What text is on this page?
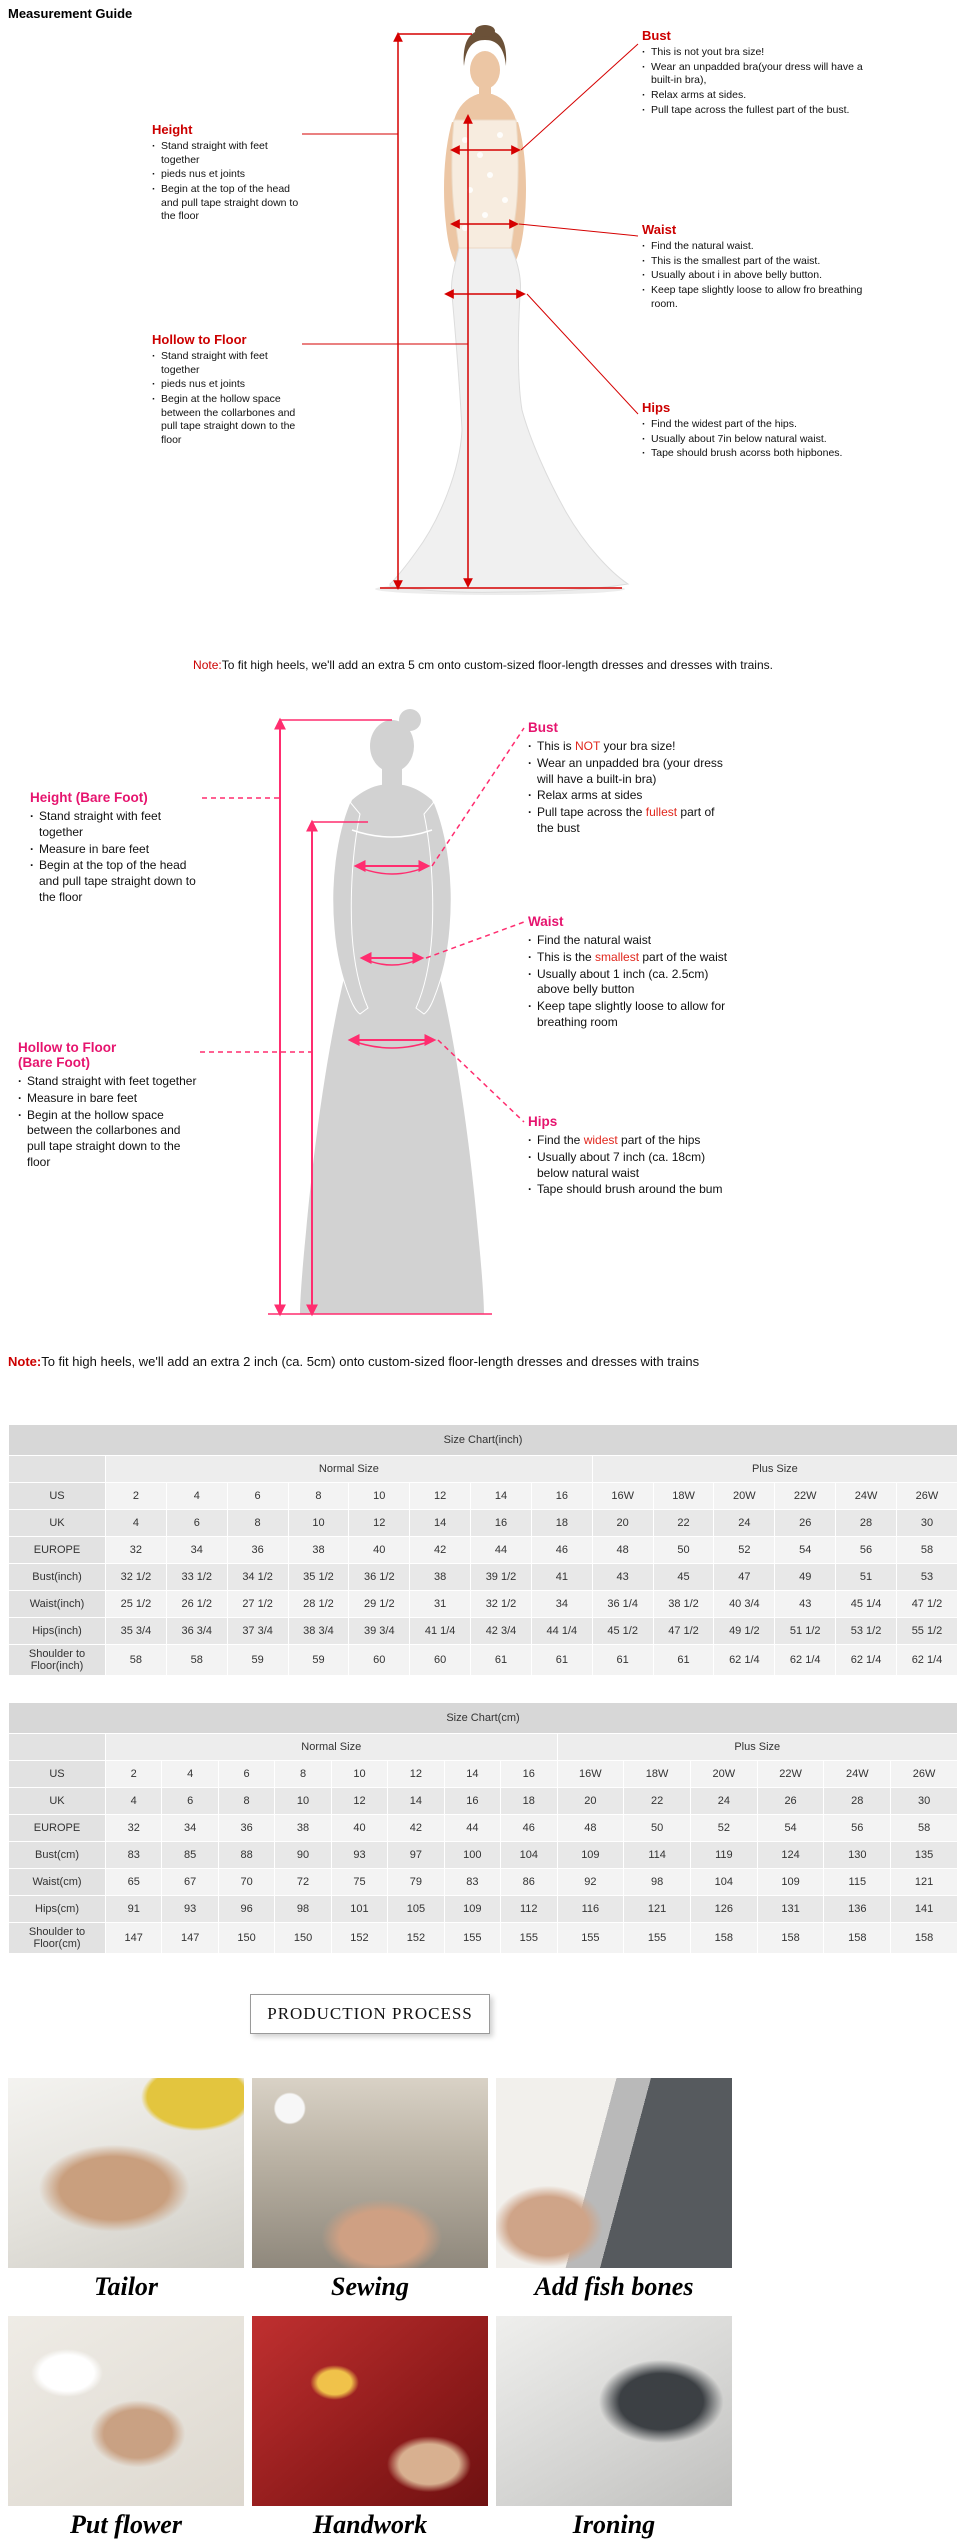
Measurement Guide
Height
· Stand straight with feet together
· pieds nus et joints
· Begin at the top of the head and pull tape straight down to the floor
Hollow to Floor
· Stand straight with feet together
· pieds nus et joints
· Begin at the hollow space between the collarbones and pull tape straight down to the floor
Bust
· This is not yout bra size!
· Wear an unpadded bra(your dress will have a built-in bra),
· Relax arms at sides.
· Pull tape across the fullest part of the bust.
Waist
· Find the natural waist.
· This is the smallest part of the waist.
· Usually about i in above belly button.
· Keep tape slightly loose to allow fro breathing room.
Hips
· Find the widest part of the hips.
· Usually about 7in below natural waist.
· Tape should brush acorss both hipbones.
Note:To fit high heels, we'll add an extra 5 cm onto custom-sized floor-length dresses and dresses with trains.
Height (Bare Foot)
· Stand straight with feet together
· Measure in bare feet
· Begin at the top of the head and pull tape straight down to the floor
Hollow to Floor (Bare Foot)
· Stand straight with feet together
· Measure in bare feet
· Begin at the hollow space between the collarbones and pull tape straight down to the floor
Bust
· This is NOT your bra size!
· Wear an unpadded bra (your dress will have a built-in bra)
· Relax arms at sides
· Pull tape across the fullest part of the bust
Waist
· Find the natural waist
· This is the smallest part of the waist
· Usually about 1 inch (ca. 2.5cm) above belly button
· Keep tape slightly loose to allow for breathing room
Hips
· Find the widest part of the hips
· Usually about 7 inch (ca. 18cm) below natural waist
· Tape should brush around the bum
Note:To fit high heels, we'll add an extra 2 inch (ca. 5cm) onto custom-sized floor-length dresses and dresses with trains
Size Chart(inch)														
	Normal Size								Plus Size					
US	2	4	6	8	10	12	14	16	16W	18W	20W	22W	24W	26W
UK	4	6	8	10	12	14	16	18	20	22	24	26	28	30
EUROPE	32	34	36	38	40	42	44	46	48	50	52	54	56	58
Bust(inch)	32 1/2	33 1/2	34 1/2	35 1/2	36 1/2	38	39 1/2	41	43	45	47	49	51	53
Waist(inch)	25 1/2	26 1/2	27 1/2	28 1/2	29 1/2	31	32 1/2	34	36 1/4	38 1/2	40 3/4	43	45 1/4	47 1/2
Hips(inch)	35 3/4	36 3/4	37 3/4	38 3/4	39 3/4	41 1/4	42 3/4	44 1/4	45 1/2	47 1/2	49 1/2	51 1/2	53 1/2	55 1/2
Shoulder to Floor(inch)	58	58	59	59	60	60	61	61	61	61	62 1/4	62 1/4	62 1/4	62 1/4
Size Chart(cm)														
	Normal Size								Plus Size					
US	2	4	6	8	10	12	14	16	16W	18W	20W	22W	24W	26W
UK	4	6	8	10	12	14	16	18	20	22	24	26	28	30
EUROPE	32	34	36	38	40	42	44	46	48	50	52	54	56	58
Bust(cm)	83	85	88	90	93	97	100	104	109	114	119	124	130	135
Waist(cm)	65	67	70	72	75	79	83	86	92	98	104	109	115	121
Hips(cm)	91	93	96	98	101	105	109	112	116	121	126	131	136	141
Shoulder to Floor(cm)	147	147	150	150	152	152	155	155	155	155	158	158	158	158
PRODUCTION PROCESS
Tailor	Sewing	Add fish bones
Put flower	Handwork	Ironing
